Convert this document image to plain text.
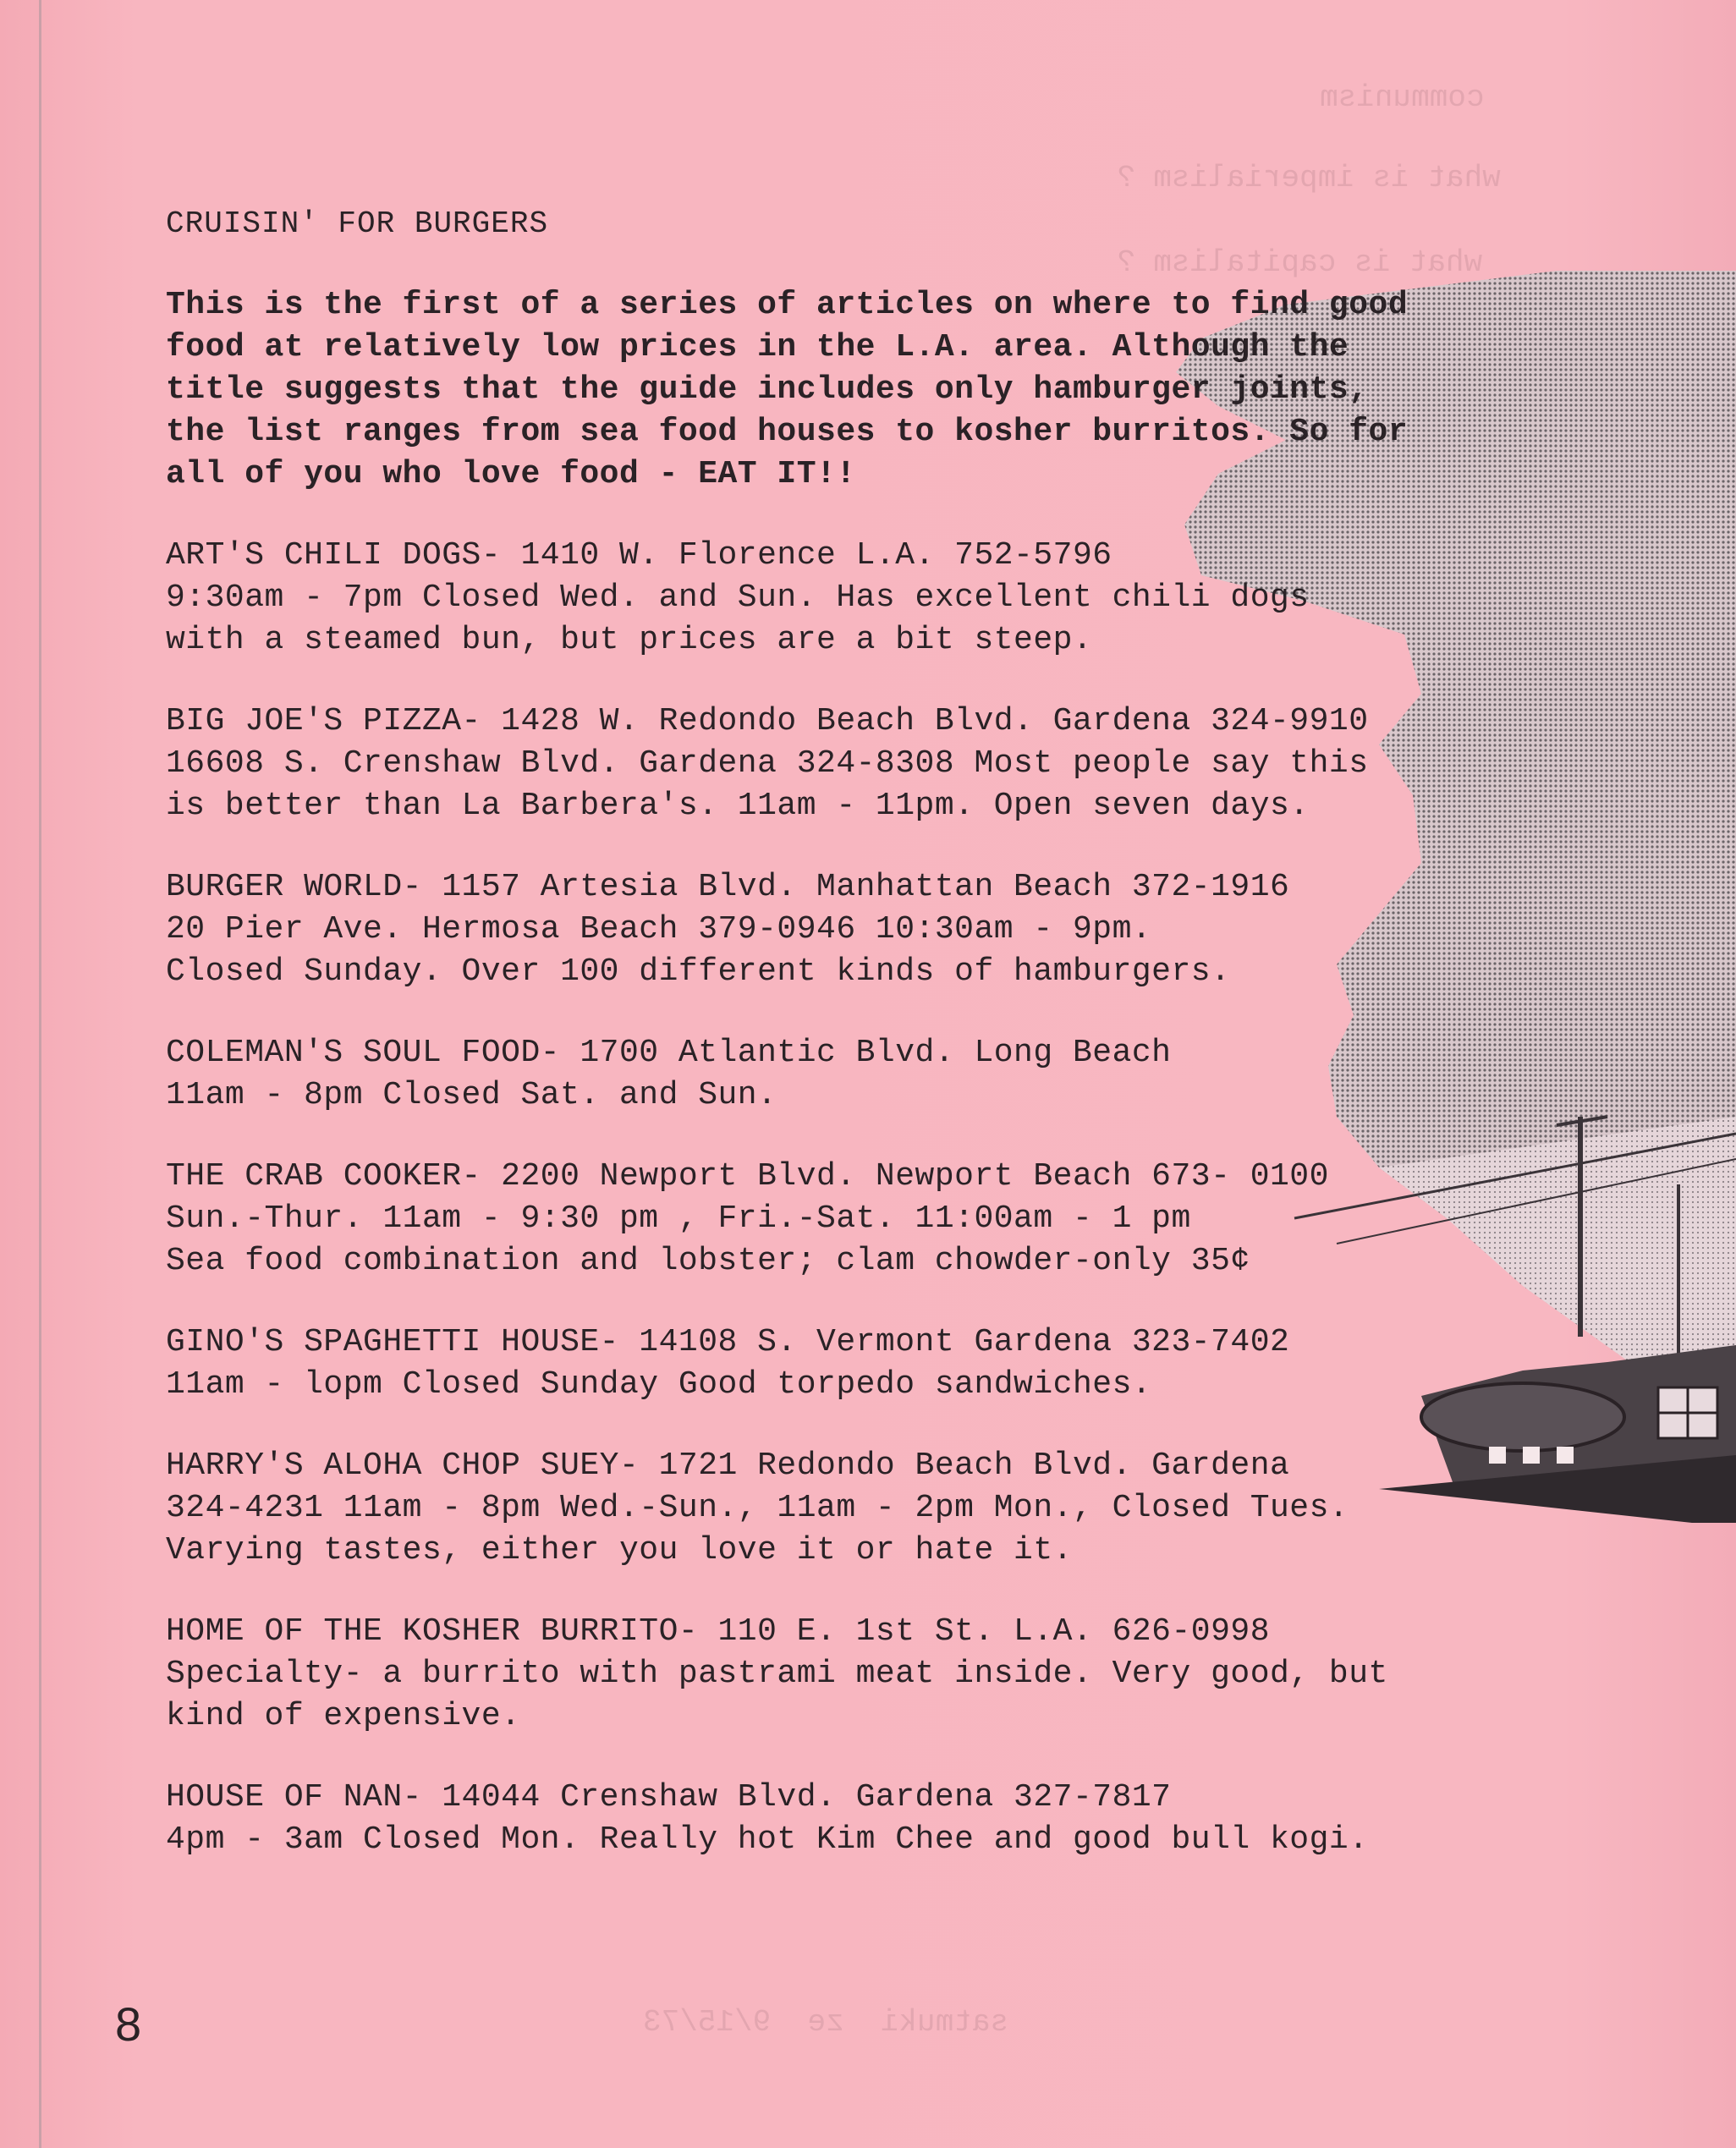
communism
what is imperialism ?
what is capitalism ?
satmuki  ze  9/15/73
CRUISIN' FOR BURGERS
This is the first of a series of articles on where to find good
food at relatively low prices in the L.A. area. Although the
title suggests that the guide includes only hamburger joints,
the list ranges from sea food houses to kosher burritos. So for
all of you who love food - EAT IT!!
ART'S CHILI DOGS- 1410 W. Florence L.A. 752-5796
9:30am - 7pm Closed Wed. and Sun. Has excellent chili dogs
with a steamed bun, but prices are a bit steep.
BIG JOE'S PIZZA- 1428 W. Redondo Beach Blvd. Gardena 324-9910
16608 S. Crenshaw Blvd. Gardena 324-8308 Most people say this
is better than La Barbera's. 11am - 11pm. Open seven days.
BURGER WORLD- 1157 Artesia Blvd. Manhattan Beach 372-1916
20 Pier Ave. Hermosa Beach 379-0946 10:30am - 9pm.
Closed Sunday. Over 100 different kinds of hamburgers.
COLEMAN'S SOUL FOOD- 1700 Atlantic Blvd. Long Beach
11am - 8pm Closed Sat. and Sun.
THE CRAB COOKER- 2200 Newport Blvd. Newport Beach 673- 0100
Sun.-Thur. 11am - 9:30 pm , Fri.-Sat. 11:00am - 1 pm
Sea food combination and lobster; clam chowder-only 35¢
GINO'S SPAGHETTI HOUSE- 14108 S. Vermont Gardena 323-7402
11am - lopm Closed Sunday Good torpedo sandwiches.
HARRY'S ALOHA CHOP SUEY- 1721 Redondo Beach Blvd. Gardena
324-4231 11am - 8pm Wed.-Sun., 11am - 2pm Mon., Closed Tues.
Varying tastes, either you love it or hate it.
HOME OF THE KOSHER BURRITO- 110 E. 1st St. L.A. 626-0998
Specialty- a burrito with pastrami meat inside. Very good, but
kind of expensive.
HOUSE OF NAN- 14044 Crenshaw Blvd. Gardena 327-7817
4pm - 3am Closed Mon. Really hot Kim Chee and good bull kogi.
8
